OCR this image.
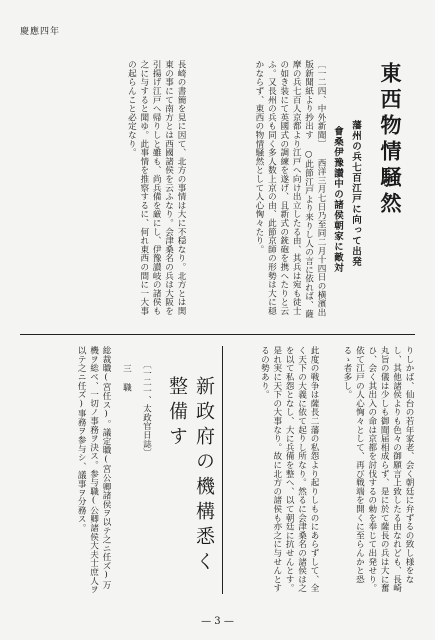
慶應四年
東西物情騒然
藩州の兵七百江戸に向って出発
會桑伊豫讃中の諸侯朝家に敵対
〔一二四、中外新聞〕 西洋三月七日乃至同二月十四日の横濱出版新聞紙より抄出す ○此節江戸より来りし人の言に依れば、薩摩の兵七百人京都より江戸へ向け出立したる由、其兵は宛も徒士の如き装にて英國式の調練を遂げ、且新式の銃砲を携へたりと云ふ。又長州の兵も同く多人数上京の由、此節京師の形勢は大に穏かならず、東西の物情騒然として人心恟々たり。
長崎の書簡を見に因て、北方の事情は大に不穏なり。北方とは関東の事にて南方とは西國諸侯を云ふなり。会津桑名の兵は大阪を引揚げ江戸へ帰りしと雖も、尚兵備を厳にし、伊豫讃岐の諸侯も之に与すると聞ゆ。此事情を推察するに、何れ東西の間に一大事の起らんこと必定なり。
りしかば、仙台の若年家老、会く朝廷に弁ずるの致し様をなし、其他諸侯よりも色々の御願言上致したる由なれども、長崎丸旨の儀は少しも御聞届相成らず、是に於て薩長の兵は大に奮ひ、会く其出入の命は京都を討伐するの勅を奉じて出発せり。依て江戸の人心恟々として、再び戦端を開くに至らんかと恐るゝ者多し。
此度の戦争は薩長二藩の私怨より起りしものにあらずして、全く天下の大義に依て起りし所なり。然るに会津桑名の諸侯は之を以て私怨となし、大に兵備を整へ、以て朝廷に抗せんとす。是れ実に天下の大事なり。故に北方の諸侯も亦之に与せんとするの勢あり。
新政府の機構悉く整備す
〔一二一、太政官日誌〕
三 職
総裁職(宮任ス)。議定職(宮公卿諸侯ヲ以テ之ニ任ズ)万機ヲ総ベ、一切ノ事務ヲ決ス。参与職(公卿諸侯大夫士庶人ヲ以テ之ニ任ズ)事務ヲ参与シ、議事ヲ分務ス。
— 3 —
